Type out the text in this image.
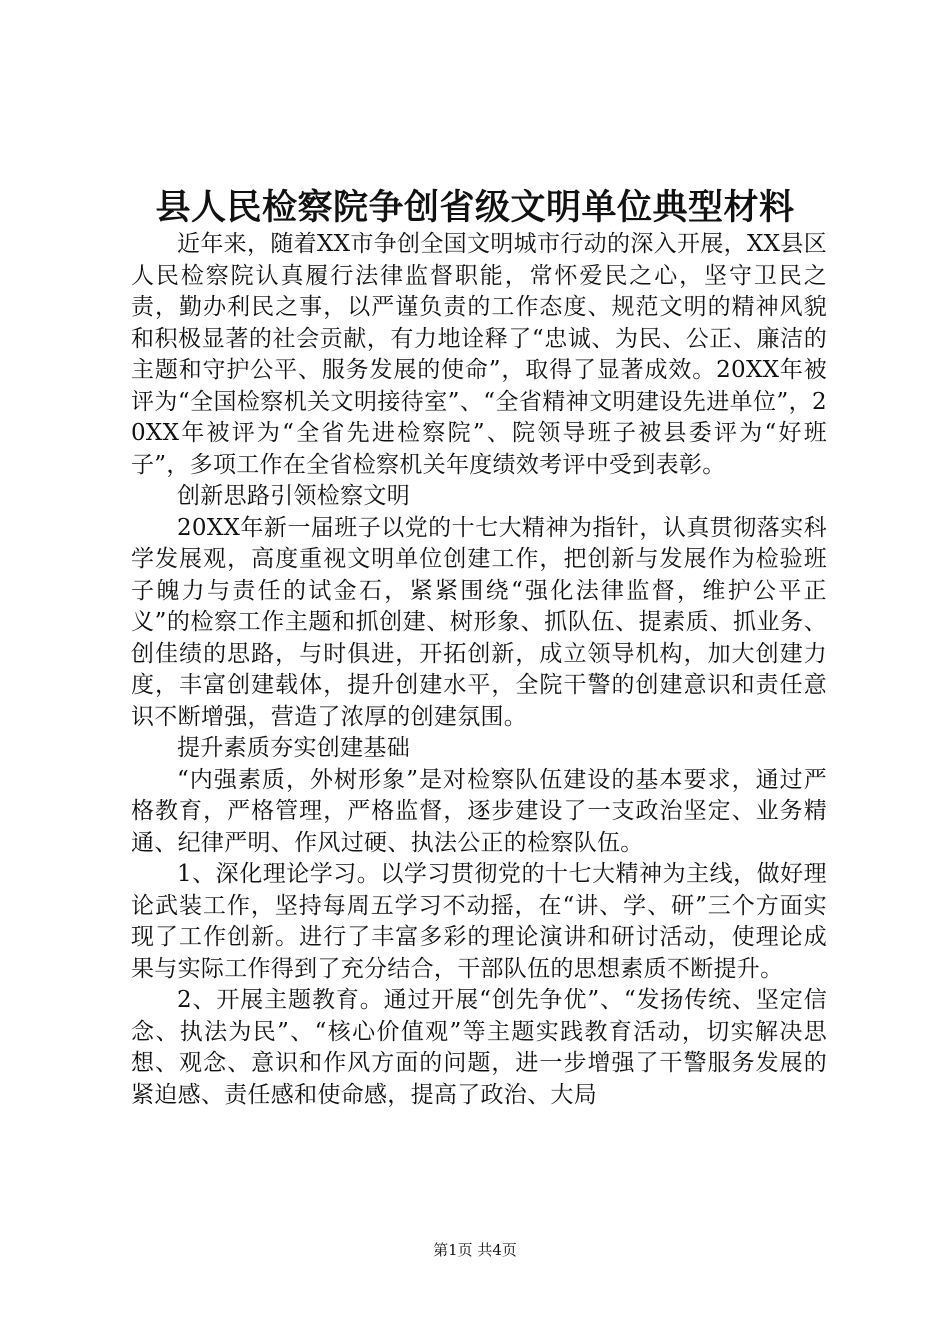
县人民检察院争创省级文明单位典型材料

近年来，随着XX市争创全国文明城市行动的深入开展，XX县区人民检察院认真履行法律监督职能，常怀爱民之心，坚守卫民之责，勤办利民之事，以严谨负责的工作态度、规范文明的精神风貌和积极显著的社会贡献，有力地诠释了“忠诚、为民、公正、廉洁的主题和守护公平、服务发展的使命”，取得了显著成效。20XX年被评为“全国检察机关文明接待室”、“全省精神文明建设先进单位”，20XX年被评为“全省先进检察院”、院领导班子被县委评为“好班子”，多项工作在全省检察机关年度绩效考评中受到表彰。

创新思路引领检察文明

20XX年新一届班子以党的十七大精神为指针，认真贯彻落实科学发展观，高度重视文明单位创建工作，把创新与发展作为检验班子魄力与责任的试金石，紧紧围绕“强化法律监督，维护公平正义”的检察工作主题和抓创建、树形象、抓队伍、提素质、抓业务、创佳绩的思路，与时俱进，开拓创新，成立领导机构，加大创建力度，丰富创建载体，提升创建水平，全院干警的创建意识和责任意识不断增强，营造了浓厚的创建氛围。

提升素质夯实创建基础

“内强素质，外树形象”是对检察队伍建设的基本要求，通过严格教育，严格管理，严格监督，逐步建设了一支政治坚定、业务精通、纪律严明、作风过硬、执法公正的检察队伍。

1、深化理论学习。以学习贯彻党的十七大精神为主线，做好理论武装工作，坚持每周五学习不动摇，在“讲、学、研”三个方面实现了工作创新。进行了丰富多彩的理论演讲和研讨活动，使理论成果与实际工作得到了充分结合，干部队伍的思想素质不断提升。

2、开展主题教育。通过开展“创先争优”、“发扬传统、坚定信念、执法为民”、“核心价值观”等主题实践教育活动，切实解决思想、观念、意识和作风方面的问题，进一步增强了干警服务发展的紧迫感、责任感和使命感，提高了政治、大局

第1页 共4页
